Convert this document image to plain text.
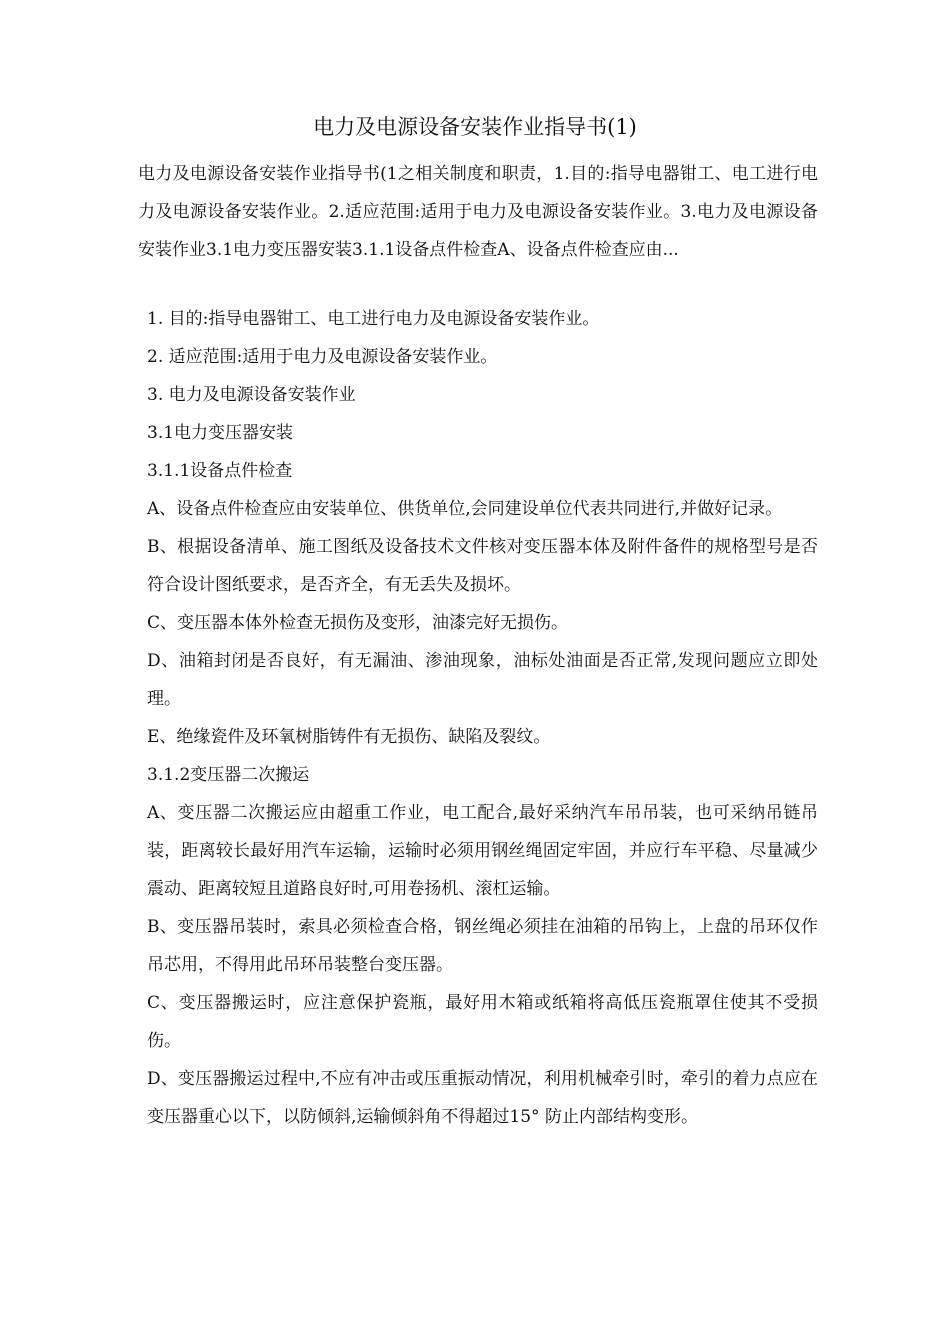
电力及电源设备安装作业指导书(1)
电力及电源设备安装作业指导书(1之相关制度和职责，1.目的:指导电器钳工、电工进行电力及电源设备安装作业。2.适应范围:适用于电力及电源设备安装作业。3.电力及电源设备安装作业3.1电力变压器安装3.1.1设备点件检查A、设备点件检查应由...

1. 目的:指导电器钳工、电工进行电力及电源设备安装作业。

2. 适应范围:适用于电力及电源设备安装作业。

3. 电力及电源设备安装作业

3.1电力变压器安装

3.1.1设备点件检查

A、设备点件检查应由安装单位、供货单位,会同建设单位代表共同进行,并做好记录。

B、根据设备清单、施工图纸及设备技术文件核对变压器本体及附件备件的规格型号是否符合设计图纸要求，是否齐全，有无丢失及损坏。

C、变压器本体外检查无损伤及变形，油漆完好无损伤。

D、油箱封闭是否良好，有无漏油、渗油现象，油标处油面是否正常,发现问题应立即处理。

E、绝缘瓷件及环氧树脂铸件有无损伤、缺陷及裂纹。

3.1.2变压器二次搬运

A、变压器二次搬运应由超重工作业，电工配合,最好采纳汽车吊吊装，也可采纳吊链吊装，距离较长最好用汽车运输，运输时必须用钢丝绳固定牢固，并应行车平稳、尽量减少震动、距离较短且道路良好时,可用卷扬机、滚杠运输。

B、变压器吊装时，索具必须检查合格，钢丝绳必须挂在油箱的吊钩上，上盘的吊环仅作吊芯用，不得用此吊环吊装整台变压器。

C、变压器搬运时，应注意保护瓷瓶，最好用木箱或纸箱将高低压瓷瓶罩住使其不受损伤。

D、变压器搬运过程中,不应有冲击或压重振动情况，利用机械牵引时，牵引的着力点应在变压器重心以下，以防倾斜,运输倾斜角不得超过15° 防止内部结构变形。
